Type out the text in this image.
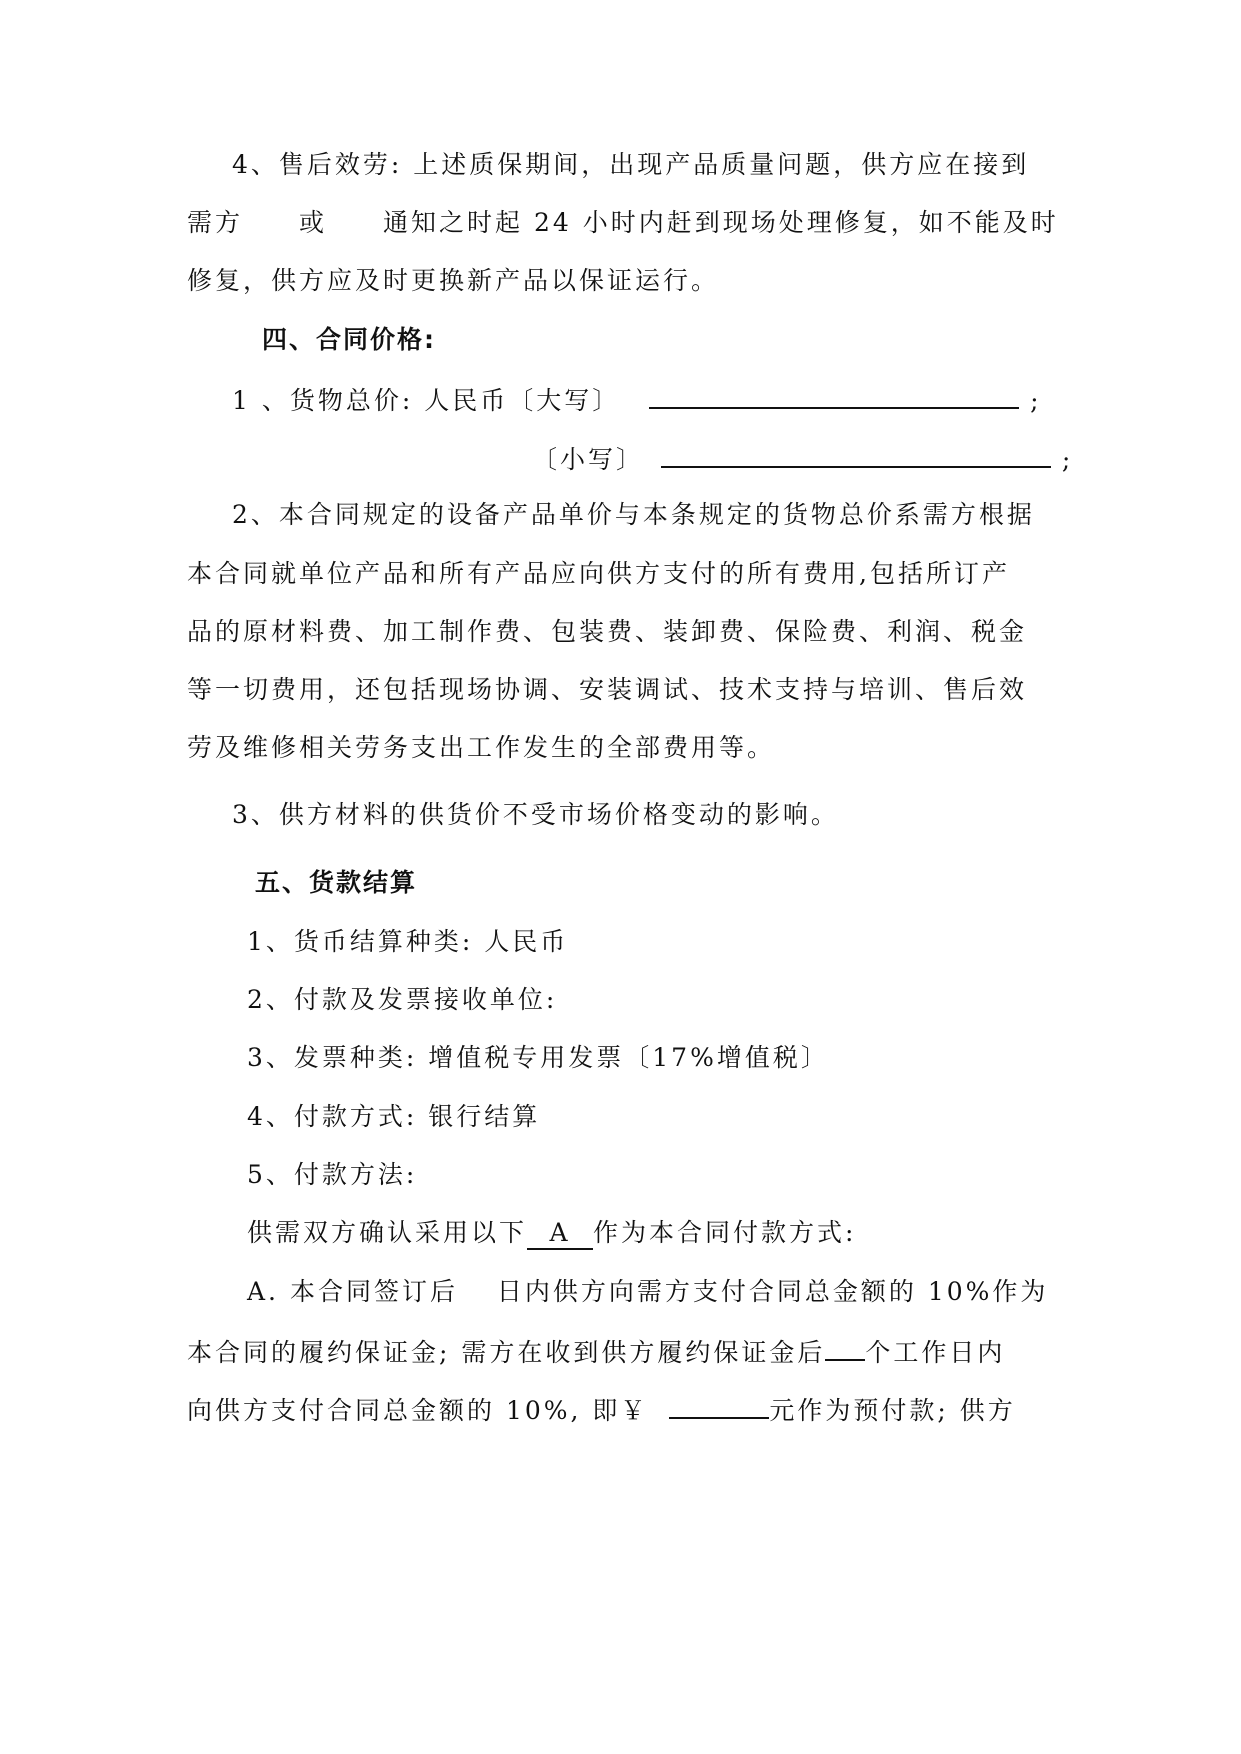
4、售后效劳: 上述质保期间，出现产品质量问题，供方应在接到
需方　　或　　通知之时起 24 小时内赶到现场处理修复，如不能及时
修复，供方应及时更换新产品以保证运行。
四、合同价格:
1 、货物总价: 人民币〔大写〕	;
〔小写〕	;
2、本合同规定的设备产品单价与本条规定的货物总价系需方根据
本合同就单位产品和所有产品应向供方支付的所有费用,包括所订产
品的原材料费、加工制作费、包装费、装卸费、保险费、利润、税金
等一切费用，还包括现场协调、安装调试、技术支持与培训、售后效
劳及维修相关劳务支出工作发生的全部费用等。
3、供方材料的供货价不受市场价格变动的影响。
五、货款结算
1、货币结算种类: 人民币
2、付款及发票接收单位:
3、发票种类: 增值税专用发票〔17%增值税〕
4、付款方式: 银行结算
5、付款方法:
供需双方确认采用以下 A 作为本合同付款方式:
A. 本合同签订后　 日内供方向需方支付合同总金额的 10%作为
本合同的履约保证金; 需方在收到供方履约保证金后 个工作日内
向供方支付合同总金额的 10%, 即￥	元作为预付款; 供方
